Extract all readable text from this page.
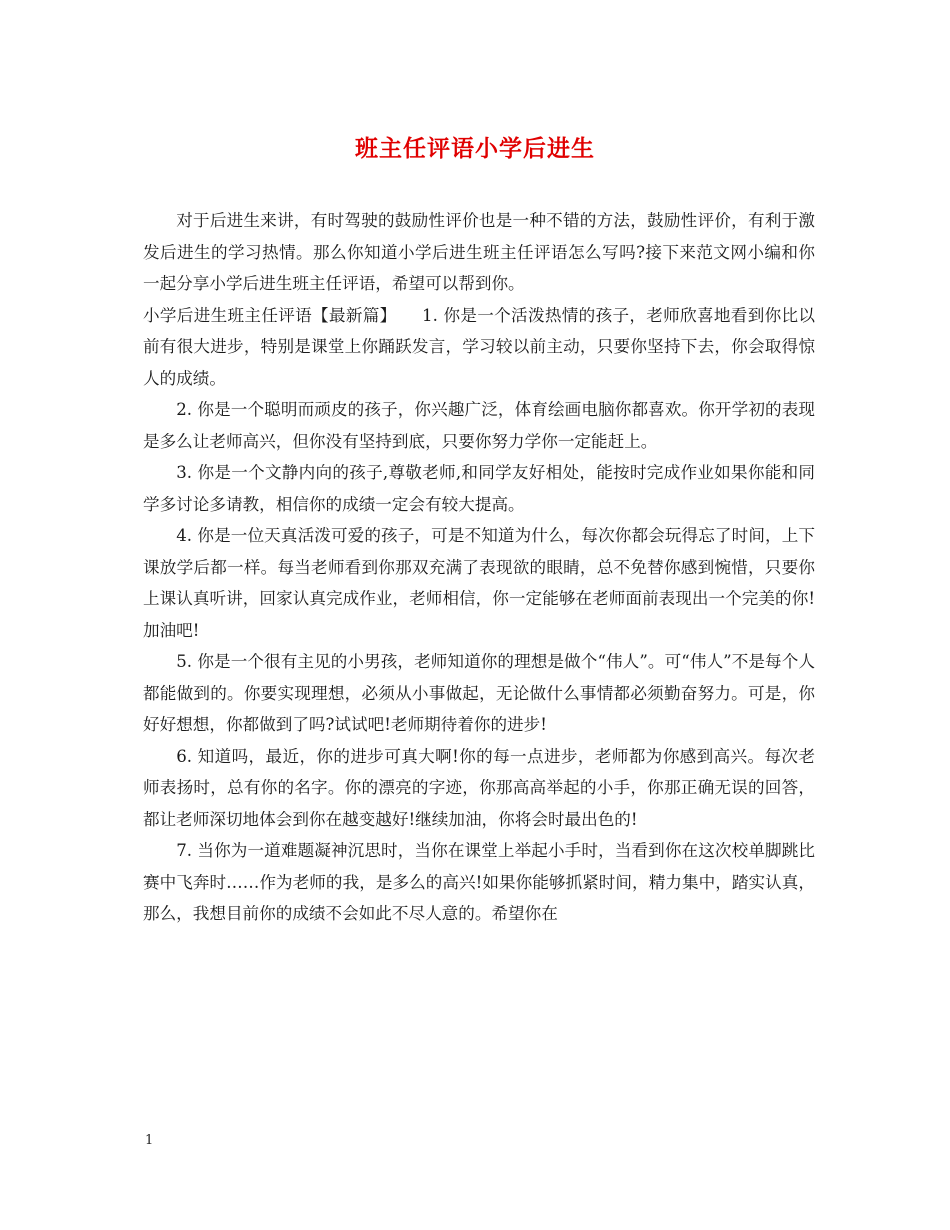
班主任评语小学后进生

对于后进生来讲，有时驾驶的鼓励性评价也是一种不错的方法，鼓励性评价，有利于激发后进生的学习热情。那么你知道小学后进生班主任评语怎么写吗?接下来范文网小编和你一起分享小学后进生班主任评语，希望可以帮到你。

小学后进生班主任评语【最新篇】　　1. 你是一个活泼热情的孩子，老师欣喜地看到你比以前有很大进步，特别是课堂上你踊跃发言，学习较以前主动，只要你坚持下去，你会取得惊人的成绩。

2. 你是一个聪明而顽皮的孩子，你兴趣广泛，体育绘画电脑你都喜欢。你开学初的表现是多么让老师高兴，但你没有坚持到底，只要你努力学你一定能赶上。

3. 你是一个文静内向的孩子,尊敬老师,和同学友好相处，能按时完成作业如果你能和同学多讨论多请教，相信你的成绩一定会有较大提高。

4. 你是一位天真活泼可爱的孩子，可是不知道为什么，每次你都会玩得忘了时间，上下课放学后都一样。每当老师看到你那双充满了表现欲的眼睛，总不免替你感到惋惜，只要你上课认真听讲，回家认真完成作业，老师相信，你一定能够在老师面前表现出一个完美的你!加油吧!

5. 你是一个很有主见的小男孩，老师知道你的理想是做个“伟人”。可“伟人”不是每个人都能做到的。你要实现理想，必须从小事做起，无论做什么事情都必须勤奋努力。可是，你好好想想，你都做到了吗?试试吧!老师期待着你的进步!

6. 知道吗，最近，你的进步可真大啊!你的每一点进步，老师都为你感到高兴。每次老师表扬时，总有你的名字。你的漂亮的字迹，你那高高举起的小手，你那正确无误的回答，都让老师深切地体会到你在越变越好!继续加油，你将会时最出色的!

7. 当你为一道难题凝神沉思时，当你在课堂上举起小手时，当看到你在这次校单脚跳比赛中飞奔时……作为老师的我，是多么的高兴!如果你能够抓紧时间，精力集中，踏实认真，那么，我想目前你的成绩不会如此不尽人意的。希望你在

1
